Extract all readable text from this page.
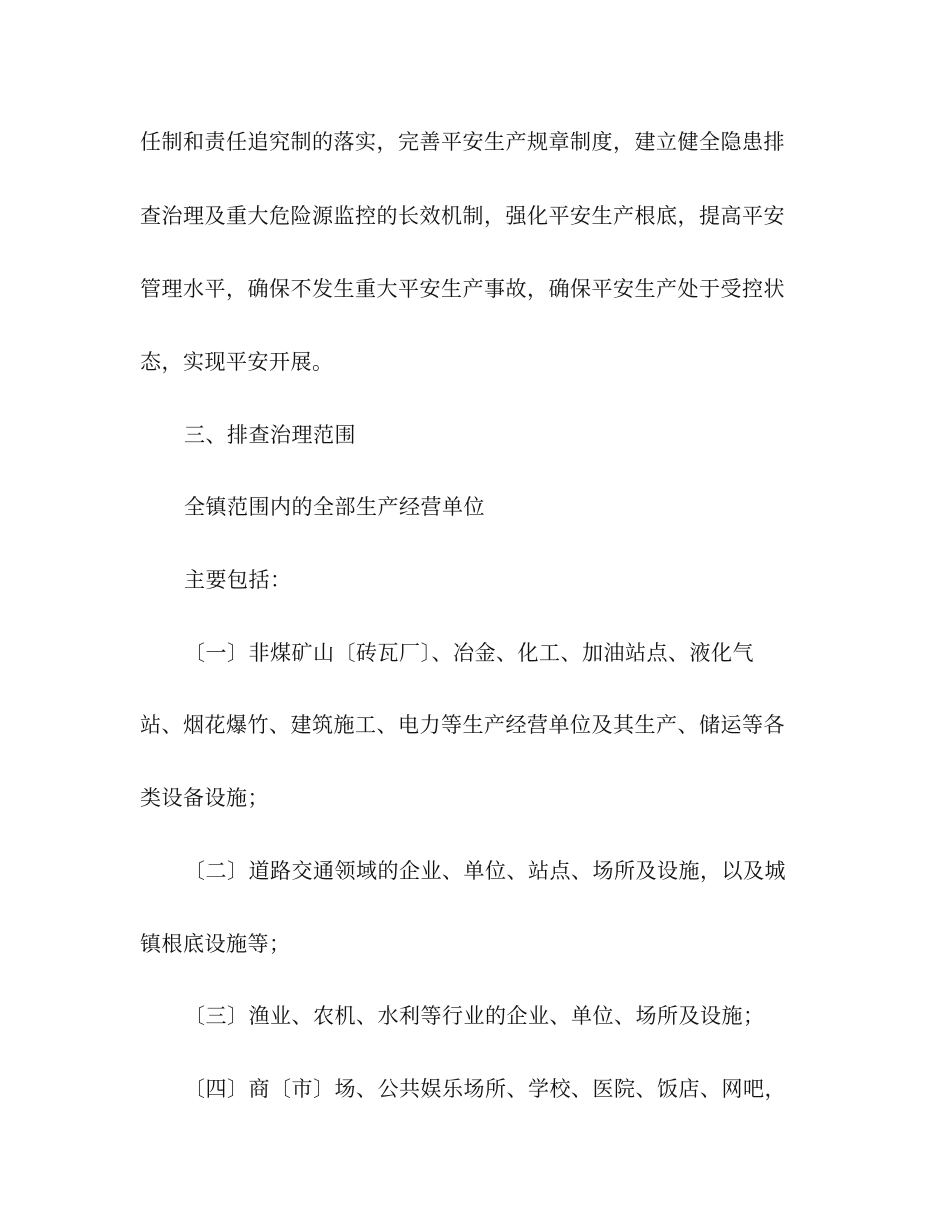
任制和责任追究制的落实，完善平安生产规章制度，建立健全隐患排

查治理及重大危险源监控的长效机制，强化平安生产根底，提高平安

管理水平，确保不发生重大平安生产事故，确保平安生产处于受控状

态，实现平安开展。

三、排查治理范围

全镇范围内的全部生产经营单位

主要包括：

〔一〕非煤矿山〔砖瓦厂〕、冶金、化工、加油站点、液化气

站、烟花爆竹、建筑施工、电力等生产经营单位及其生产、储运等各

类设备设施；

〔二〕道路交通领域的企业、单位、站点、场所及设施，以及城

镇根底设施等；

〔三〕渔业、农机、水利等行业的企业、单位、场所及设施；

〔四〕商〔市〕场、公共娱乐场所、学校、医院、饭店、网吧，
